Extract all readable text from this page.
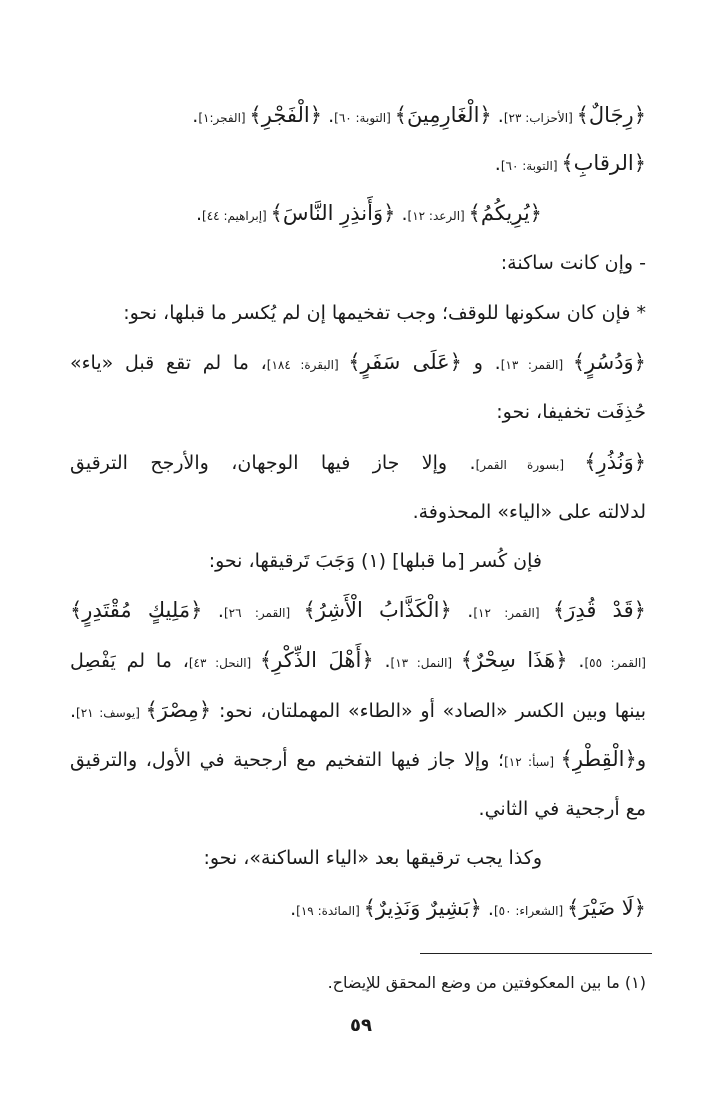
﴿رِجَالٌ﴾ [الأحزاب: ٢٣]. ﴿الْغَارِمِينَ﴾ [التوبة: ٦٠]. ﴿الْفَجْرِ﴾ [الفجر:١].
﴿الرقابِ﴾ [التوبة: ٦٠].
﴿يُرِيكُمُ﴾ [الرعد: ١٢]. ﴿وَأَنذِرِ النَّاسَ﴾ [إبراهيم: ٤٤].
- وإن كانت ساكنة:
* فإن كان سكونها للوقف؛ وجب تفخيمها إن لم يُكسر ما قبلها، نحو:
﴿وَدُسُرٍ﴾ [القمر: ١٣]. و ﴿عَلَى سَفَرٍ﴾ [البقرة: ١٨٤]، ما لم تقع قبل «ياء»
حُذِفَت تخفيفا، نحو:
﴿وَنُذُرِ﴾ [بسورة القمر]. وإلا جاز فيها الوجهان، والأرجح الترقيق
لدلالته على «الياء» المحذوفة.
فإن كُسر [ما قبلها] (١) وَجَبَ تَرقيقها، نحو:
﴿قَدْ قُدِرَ﴾ [القمر: ١٢]. ﴿الْكَذَّابُ الْأَشِرُ﴾ [القمر: ٢٦]. ﴿مَلِيكٍ مُقْتَدِرٍ﴾
[القمر: ٥٥]. ﴿هَذَا سِحْرٌ﴾ [النمل: ١٣]. ﴿أَهْلَ الذِّكْرِ﴾ [النحل: ٤٣]، ما لم يَفْصِل
بينها وبين الكسر «الصاد» أو «الطاء» المهملتان، نحو: ﴿مِصْرَ﴾ [يوسف: ٢١].
و﴿الْقِطْرِ﴾ [سبأ: ١٢]؛ وإلا جاز فيها التفخيم مع أرجحية في الأول، والترقيق
مع أرجحية في الثاني.
وكذا يجب ترقيقها بعد «الياء الساكنة»، نحو:
﴿لَا ضَيْرَ﴾ [الشعراء: ٥٠]. ﴿بَشِيرٌ وَنَذِيرٌ﴾ [المائدة: ١٩].
(١) ما بين المعكوفتين من وضع المحقق للإيضاح.
٥٩
